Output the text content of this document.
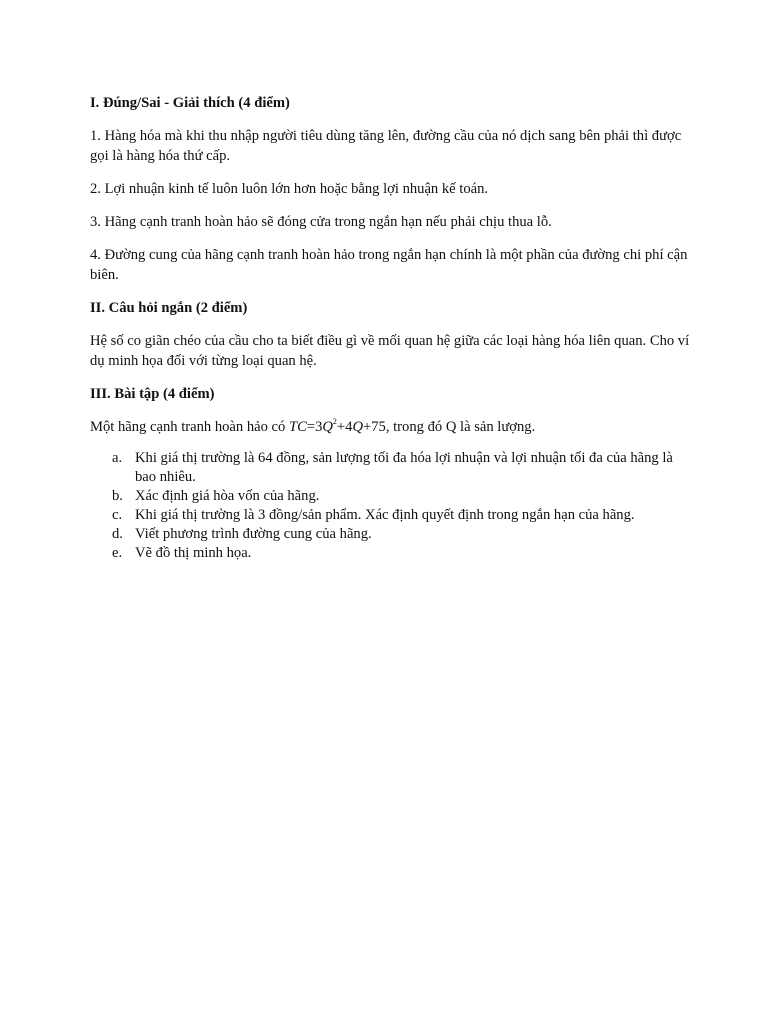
I. Đúng/Sai - Giải thích (4 điểm)

1. Hàng hóa mà khi thu nhập người tiêu dùng tăng lên, đường cầu của nó dịch sang bên phải thì được gọi là hàng hóa thứ cấp.

2. Lợi nhuận kinh tế luôn luôn lớn hơn hoặc bằng lợi nhuận kế toán.

3. Hãng cạnh tranh hoàn hảo sẽ đóng cửa trong ngắn hạn nếu phải chịu thua lỗ.

4. Đường cung của hãng cạnh tranh hoàn hảo trong ngắn hạn chính là một phần của đường chi phí cận biên.

II. Câu hỏi ngắn (2 điểm)

Hệ số co giãn chéo của cầu cho ta biết điều gì về mối quan hệ giữa các loại hàng hóa liên quan. Cho ví dụ minh họa đối với từng loại quan hệ.

III. Bài tập (4 điểm)

Một hãng cạnh tranh hoàn hảo có $TC=3Q^2+4Q+75$, trong đó Q là sản lượng.

a. Khi giá thị trường là 64 đồng, sản lượng tối đa hóa lợi nhuận và lợi nhuận tối đa của hãng là bao nhiêu.
b. Xác định giá hòa vốn của hãng.
c. Khi giá thị trường là 3 đồng/sản phẩm. Xác định quyết định trong ngắn hạn của hãng.
d. Viết phương trình đường cung của hãng.
e. Vẽ đồ thị minh họa.
